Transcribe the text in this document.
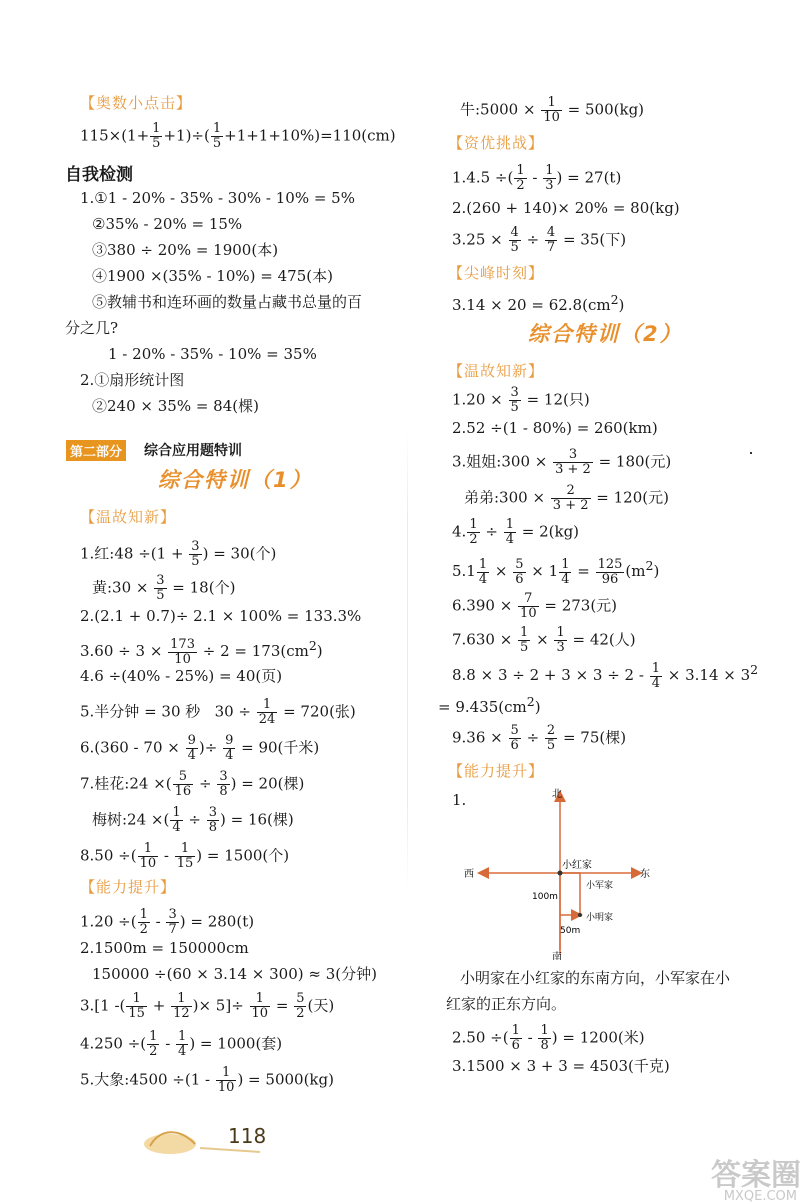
【奥数小点击】
$115\times(1+ \frac{1}{5} +1)\div( \frac{1}{5} +1+1+10\%)=110(cm)$
自我检测
1.①1 - 20% - 35% - 30% - 10% = 5%
②35% - 20% = 15%
③380 ÷ 20% = 1900(本)
④1900 ×(35% - 10%) = 475(本)
⑤教辅书和连环画的数量占藏书总量的百
分之几?
1 - 20% - 35% - 10% = 35%
2.①扇形统计图
②240 × 35% = 84(棵)
第二部分 综合应用题特训
综合特训（1）
【温故知新】
1.红:48 $\div(1 + \frac{3}{5}$ ) = 30(个)
黄:30 × $\frac{3}{5} = 18$(个)
2.(2.1 + 0.7)÷ 2.1 × 100% = 133.3%
$3.60 \div 3 \times \frac{173}{10} \div 2 = 173(cm^2)$
4.6 ÷(40% - 25%) = 40(页)
5.半分钟 = 30 秒   $30 \div \frac{1}{24} = 720$(张)
$6.(360 - 70 \times \frac{9}{4}$ )÷ $\frac{9}{4} = 90$(千米)
7.桂花:24 ×( $\frac{5}{16} \div \frac{3}{8}$ ) = 20(棵)
梅树:24 ×( $\frac{1}{4} \div \frac{3}{8}$ ) = 16(棵)
8.50 ÷( $\frac{1}{10} - \frac{1}{15}$ ) = 1500(个)
【能力提升】
1.20 ÷( $\frac{1}{2} - \frac{3}{7}$ ) = 280(t)
2.1500m = 150000cm
150000 ÷(60 × 3.14 × 300) ≈ 3(分钟)
3.[1 -( $\frac{1}{15} + \frac{1}{12}$ )× $5]\div \frac{1}{10} = \frac{5}{2}$ (天)
4.250 ÷( $\frac{1}{2} - \frac{1}{4}$ ) = 1000(套)
5.大象:4500 $\div(1 - \frac{1}{10}$ ) = 5000(kg)
牛:5000 × $\frac{1}{10} = 500(kg)$
【资优挑战】
1.4.5 ÷( $\frac{1}{2} - \frac{1}{3}$ ) = 27(t)
2.(260 + 140)× 20% = 80(kg)
$3.25 \times \frac{4}{5} \div \frac{4}{7} = 35$(下)
【尖峰时刻】
$3.14 \times 20 = 62.8(cm^2)$
综合特训（2）
【温故知新】
$1.20 \times \frac{3}{5} = 12$(只)
2.52 ÷(1 - 80%) = 260(km)
3.姐姐:300 × $\frac{3}{3 + 2} = 180$(元)
弟弟:300 × $\frac{2}{3 + 2} = 120$(元)
4. $\frac{1}{2} \div \frac{1}{4} = 2(kg)$
$5.1 \frac{1}{4} \times \frac{5}{6} \times 1 \frac{1}{4} = \frac{125}{96} (m^2)$
$6.390 \times \frac{7}{10} = 273$(元)
$7.630 \times \frac{1}{5} \times \frac{1}{3} = 42$(人)
$8.8 \times 3 \div 2 + 3 \times 3 \div 2 - \frac{1}{4} \times 3.14 \times 3^2$
= $9.435(cm^2)$
$9.36 \times \frac{5}{6} \div \frac{2}{5} = 75$(棵)
【能力提升】
1.
小明家在小红家的东南方向，小军家在小
红家的正东方向。
2.50 ÷( $\frac{1}{6} - \frac{1}{8}$ ) = 1200(米)
3.1500 × 3 + 3 = 4503(千克)
北
南
西	东
小红家
小军家
小明家
100m
50m
118
答案圈
MXQE.COM
